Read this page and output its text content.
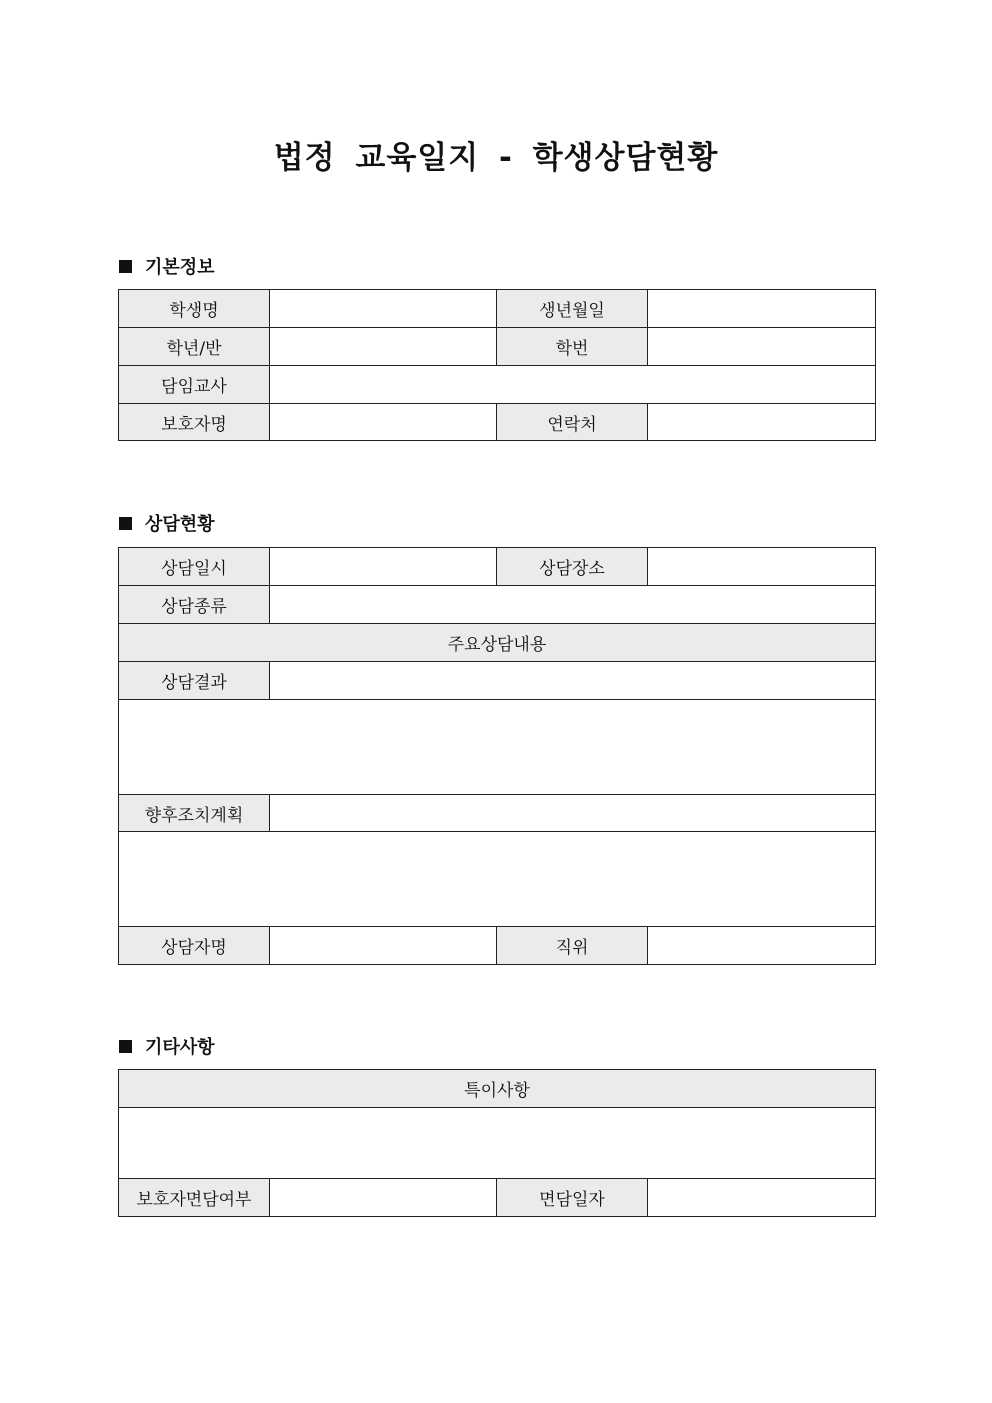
법정 교육일지 - 학생상담현황
기본정보
학생명		생년월일	
학년/반		학번	
담임교사			
보호자명		연락처	
상담현황
상담일시		상담장소	
상담종류			
주요상담내용			
상담결과			

향후조치계획			

상담자명		직위	
기타사항
특이사항

보호자면담여부		면담일자	
